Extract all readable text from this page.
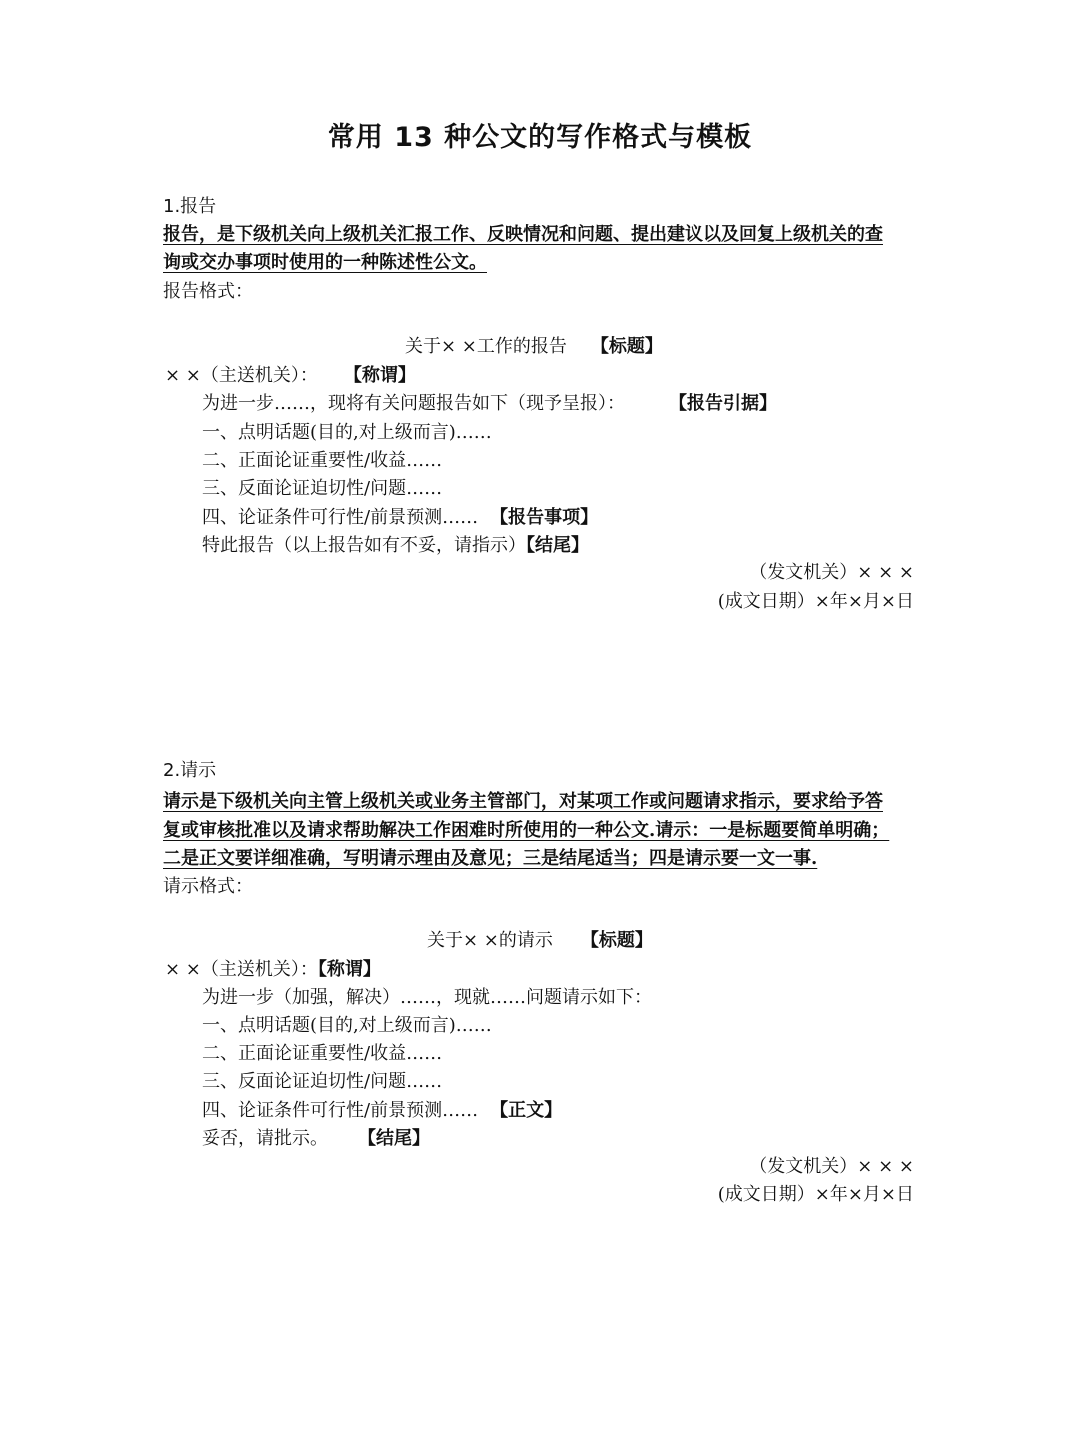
常用 13 种公文的写作格式与模板
1.报告
报告，是下级机关向上级机关汇报工作、反映情况和问题、提出建议以及回复上级机关的查
询或交办事项时使用的一种陈述性公文。
报告格式：
关于× ×工作的报告 【标题】
× ×（主送机关）： 【称谓】
为进一步……，现将有关问题报告如下（现予呈报）： 【报告引据】
一、点明话题(目的,对上级而言)……
二、正面论证重要性/收益……
三、反面论证迫切性/问题……
四、论证条件可行性/前景预测…… 【报告事项】
特此报告（以上报告如有不妥，请指示）【结尾】
（发文机关）× × ×
(成文日期）×年×月×日
2.请示
请示是下级机关向主管上级机关或业务主管部门，对某项工作或问题请求指示，要求给予答
复或审核批准以及请求帮助解决工作困难时所使用的一种公文.请示：一是标题要简单明确；
二是正文要详细准确，写明请示理由及意见；三是结尾适当；四是请示要一文一事.
请示格式：
关于× ×的请示 【标题】
× ×（主送机关）：【称谓】
为进一步（加强，解决）……，现就……问题请示如下：
一、点明话题(目的,对上级而言)……
二、正面论证重要性/收益……
三、反面论证迫切性/问题……
四、论证条件可行性/前景预测…… 【正文】
妥否，请批示。 【结尾】
（发文机关）× × ×
(成文日期）×年×月×日
